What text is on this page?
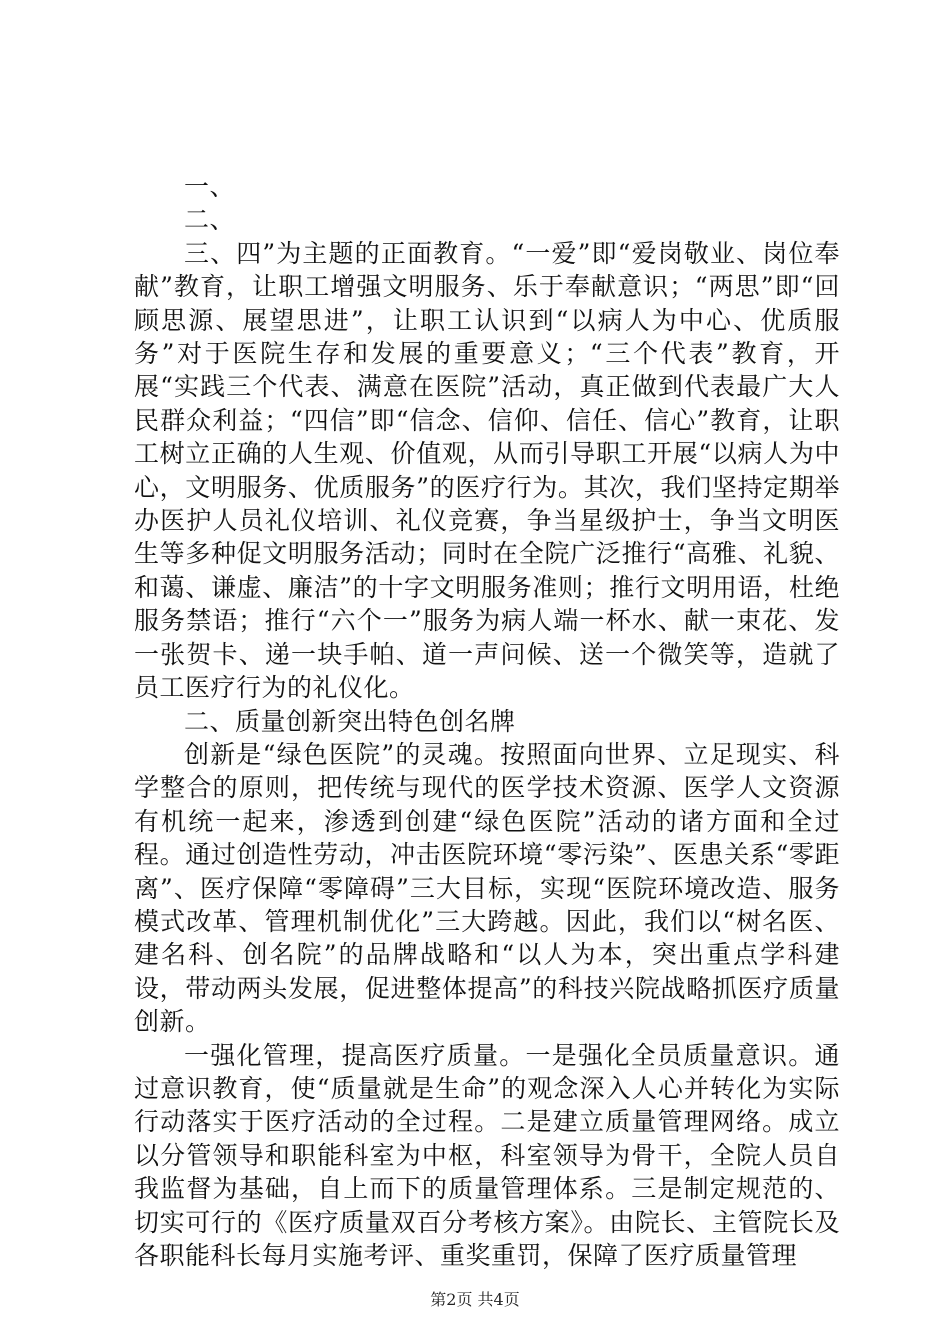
一、

二、

三、四”为主题的正面教育。“一爱”即“爱岗敬业、岗位奉献”教育，让职工增强文明服务、乐于奉献意识；“两思”即“回顾思源、展望思进”，让职工认识到“以病人为中心、优质服务”对于医院生存和发展的重要意义；“三个代表”教育，开展“实践三个代表、满意在医院”活动，真正做到代表最广大人民群众利益；“四信”即“信念、信仰、信任、信心”教育，让职工树立正确的人生观、价值观，从而引导职工开展“以病人为中心，文明服务、优质服务”的医疗行为。其次，我们坚持定期举办医护人员礼仪培训、礼仪竞赛，争当星级护士，争当文明医生等多种促文明服务活动；同时在全院广泛推行“高雅、礼貌、和蔼、谦虚、廉洁”的十字文明服务准则；推行文明用语，杜绝服务禁语；推行“六个一”服务为病人端一杯水、献一束花、发一张贺卡、递一块手帕、道一声问候、送一个微笑等，造就了员工医疗行为的礼仪化。

二、质量创新突出特色创名牌

创新是“绿色医院”的灵魂。按照面向世界、立足现实、科学整合的原则，把传统与现代的医学技术资源、医学人文资源有机统一起来，渗透到创建“绿色医院”活动的诸方面和全过程。通过创造性劳动，冲击医院环境“零污染”、医患关系“零距离”、医疗保障“零障碍”三大目标，实现“医院环境改造、服务模式改革、管理机制优化”三大跨越。因此，我们以“树名医、建名科、创名院”的品牌战略和“以人为本，突出重点学科建设，带动两头发展，促进整体提高”的科技兴院战略抓医疗质量创新。

一强化管理，提高医疗质量。一是强化全员质量意识。通过意识教育，使“质量就是生命”的观念深入人心并转化为实际行动落实于医疗活动的全过程。二是建立质量管理网络。成立以分管领导和职能科室为中枢，科室领导为骨干，全院人员自我监督为基础，自上而下的质量管理体系。三是制定规范的、切实可行的《医疗质量双百分考核方案》。由院长、主管院长及各职能科长每月实施考评、重奖重罚，保障了医疗质量管理

第2页 共4页
